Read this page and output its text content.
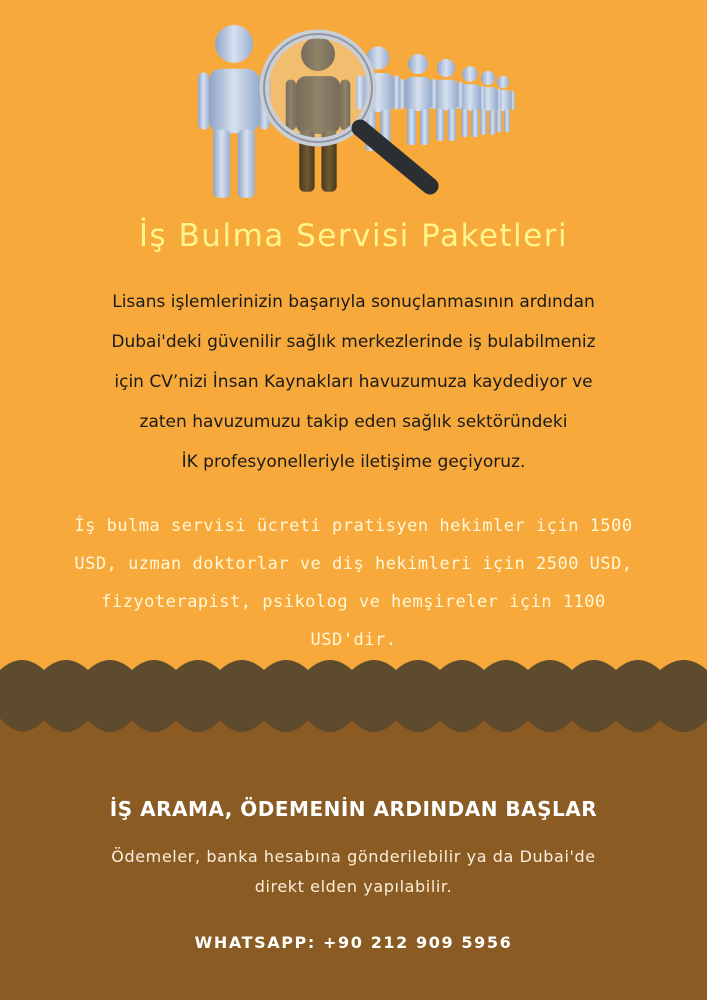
İş Bulma Servisi Paketleri
Lisans işlemlerinizin başarıyla sonuçlanmasının ardından
Dubai'deki güvenilir sağlık merkezlerinde iş bulabilmeniz
için CV’nizi İnsan Kaynakları havuzumuza kaydediyor ve
zaten havuzumuzu takip eden sağlık sektöründeki
İK profesyonelleriyle iletişime geçiyoruz.
İş bulma servisi ücreti pratisyen hekimler için 1500
USD, uzman doktorlar ve diş hekimleri için 2500 USD,
fizyoterapist, psikolog ve hemşireler için 1100
USD'dir.
İŞ ARAMA, ÖDEMENİN ARDINDAN BAŞLAR
Ödemeler, banka hesabına gönderilebilir ya da Dubai'de
direkt elden yapılabilir.
WHATSAPP: +90 212 909 5956
